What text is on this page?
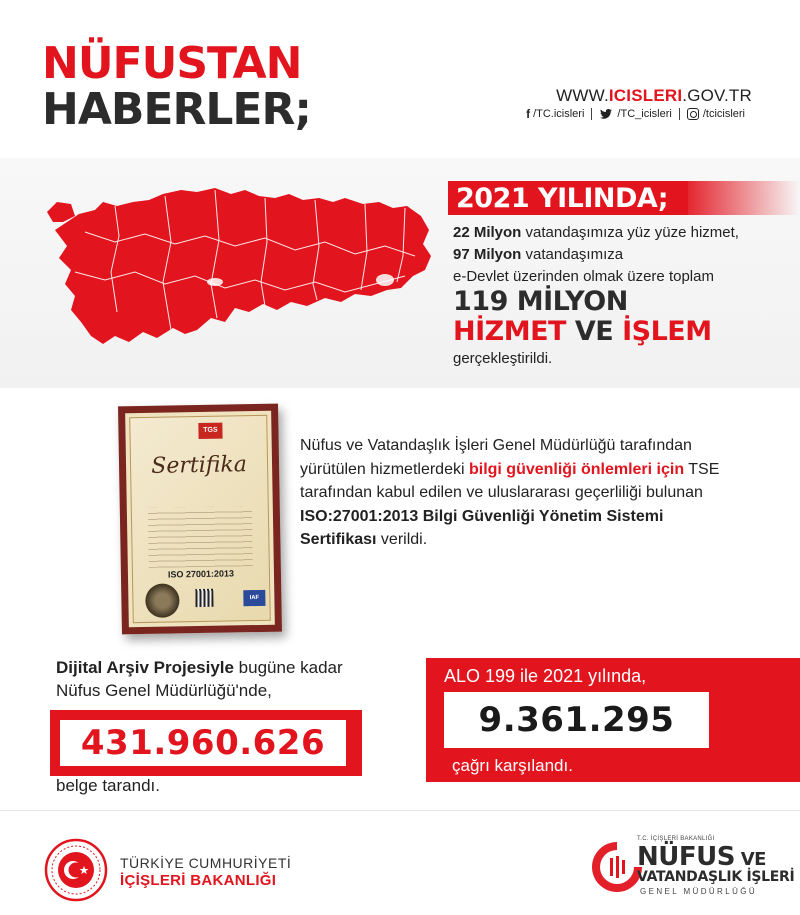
NÜFUSTAN
HABERLER;	WWW.ICISLERI.GOV.TR
f /TC.icisleri	/TC_icisleri	/tcicisleri
2021 YILINDA;
22 Milyon vatandaşımıza yüz yüze hizmet,
97 Milyon vatandaşımıza
e-Devlet üzerinden olmak üzere toplam
119 MİLYON
HİZMET VE İŞLEM
gerçekleştirildi.
TGS
Sertifika
ISO 27001:2013
IAF
Nüfus ve Vatandaşlık İşleri Genel Müdürlüğü tarafından yürütülen hizmetlerdeki bilgi güvenliği önlemleri için TSE tarafından kabul edilen ve uluslararası geçerliliği bulunan ISO:27001:2013 Bilgi Güvenliği Yönetim Sistemi Sertifikası verildi.
Dijital Arşiv Projesiyle bugüne kadar
Nüfus Genel Müdürlüğü'nde,
431.960.626
belge tarandı.
ALO 199 ile 2021 yılında,
9.361.295
çağrı karşılandı.
TÜRKİYE CUMHURİYETİ
İÇİŞLERİ BAKANLIĞI
T.C. İÇİŞLERİ BAKANLIĞI
NÜFUS VE
VATANDAŞLIK İŞLERİ
GENEL MÜDÜRLÜĞÜ
